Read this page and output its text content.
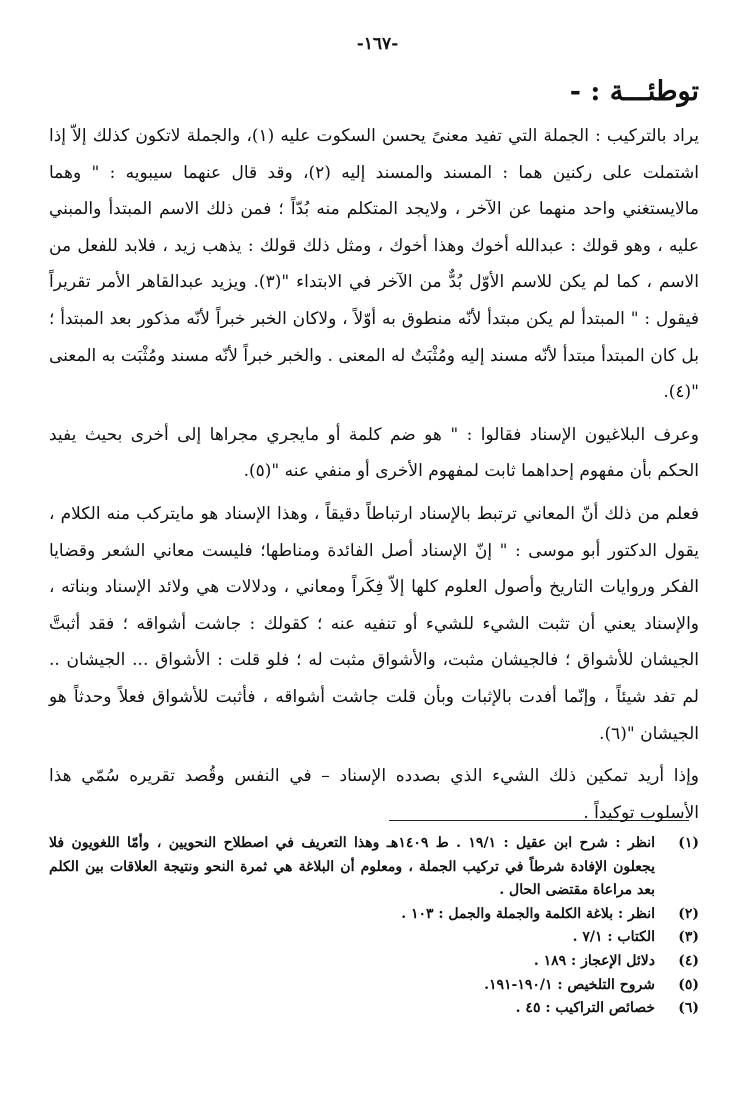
-١٦٧-
توطئـــة : -

يراد بالتركيب : الجملة التي تفيد معنىً يحسن السكوت عليه (١)، والجملة لاتكون كذلك إلاّ إذا اشتملت على ركنين هما : المسند والمسند إليه (٢)، وقد قال عنهما سيبويه : " وهما مالايستغني واحد منهما عن الآخر ، ولايجد المتكلم منه بُدّاً ؛ فمن ذلك الاسم المبتدأ والمبني عليه ، وهو قولك : عبدالله أخوك وهذا أخوك ، ومثل ذلك قولك : يذهب زيد ، فلابد للفعل من الاسم ، كما لم يكن للاسم الأوّل بُدٌّ من الآخر في الابتداء "(٣). ويزيد عبدالقاهر الأمر تقريراً فيقول : " المبتدأ لم يكن مبتدأ لأنّه منطوق به أوّلاً ، ولاكان الخبر خبراً لأنّه مذكور بعد المبتدأ ؛ بل كان المبتدأ مبتدأ لأنّه مسند إليه ومُثْبَتٌ له المعنى . والخبر خبراً لأنّه مسند ومُثْبَت به المعنى "(٤).

وعرف البلاغيون الإسناد فقالوا : " هو ضم كلمة أو مايجري مجراها إلى أخرى بحيث يفيد الحكم بأن مفهوم إحداهما ثابت لمفهوم الأخرى أو منفي عنه "(٥).

فعلم من ذلك أنّ المعاني ترتبط بالإسناد ارتباطاً دقيقاً ، وهذا الإسناد هو مايتركب منه الكلام ، يقول الدكتور أبو موسى : " إنّ الإسناد أصل الفائدة ومناطها؛ فليست معاني الشعر وقضايا الفكر وروايات التاريخ وأصول العلوم كلها إلاّ فِكَراً ومعاني ، ودلالات هي ولائد الإسناد وبناته ، والإسناد يعني أن تثبت الشيء للشيء أو تنفيه عنه ؛ كقولك : جاشت أشواقه ؛ فقد أثبتَّ الجيشان للأشواق ؛ فالجيشان مثبت، والأشواق مثبت له ؛ فلو قلت : الأشواق ... الجيشان .. لم تفد شيئاً ، وإنّما أفدت بالإثبات وبأن قلت جاشت أشواقه ، فأثبت للأشواق فعلاً وحدثاً هو الجيشان "(٦).

وإذا أريد تمكين ذلك الشيء الذي بصدده الإسناد – في النفس وقُصد تقريره سُمّي هذا الأسلوب توكيداً .

(١)
انظر : شرح ابن عقيل : ١٩/١ . ط ١٤٠٩هـ وهذا التعريف في اصطلاح النحويين ، وأمّا اللغويون فلا يجعلون الإفادة شرطاً في تركيب الجملة ، ومعلوم أن البلاغة هي ثمرة النحو ونتيجة العلاقات بين الكلم بعد مراعاة مقتضى الحال .
(٢)
انظر : بلاغة الكلمة والجملة والجمل : ١٠٣ .
(٣)
الكتاب : ٧/١ .
(٤)
دلائل الإعجاز : ١٨٩ .
(٥)
شروح التلخيص : ١٩٠/١-١٩١.
(٦)
خصائص التراكيب : ٤٥ .
